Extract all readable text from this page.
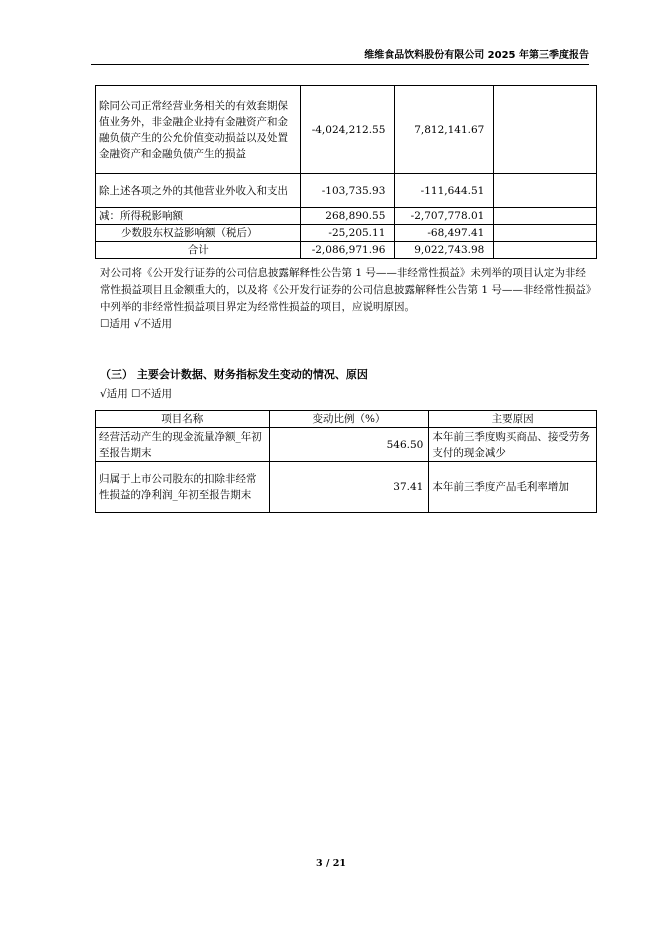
维维食品饮料股份有限公司 2025 年第三季度报告
除同公司正常经营业务相关的有效套期保值业务外，非金融企业持有金融资产和金融负债产生的公允价值变动损益以及处置金融资产和金融负债产生的损益	-4,024,212.55	7,812,141.67	
除上述各项之外的其他营业外收入和支出	-103,735.93	-111,644.51	
减：所得税影响额	268,890.55	-2,707,778.01	
少数股东权益影响额（税后）	-25,205.11	-68,497.41	
合计	-2,086,971.96	9,022,743.98	

对公司将《公开发行证券的公司信息披露解释性公告第 1 号——非经常性损益》未列举的项目认定为非经常性损益项目且金额重大的，以及将《公开发行证券的公司信息披露解释性公告第 1 号——非经常性损益》中列举的非经常性损益项目界定为经常性损益的项目，应说明原因。

☐适用 √不适用

（三） 主要会计数据、财务指标发生变动的情况、原因
√适用 ☐不适用
项目名称	变动比例（%）	主要原因
经营活动产生的现金流量净额_年初至报告期末	546.50	本年前三季度购买商品、接受劳务支付的现金减少
归属于上市公司股东的扣除非经常性损益的净利润_年初至报告期末	37.41	本年前三季度产品毛利率增加
3 / 21
